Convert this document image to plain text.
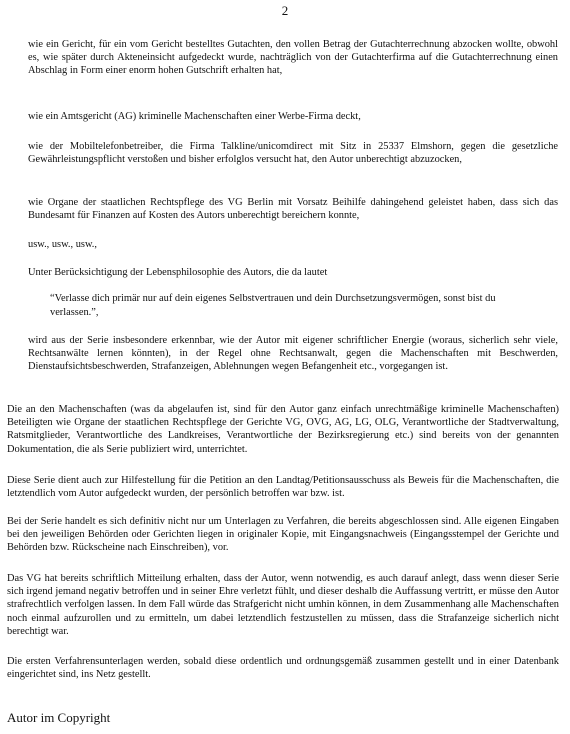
2

wie ein Gericht, für ein vom Gericht bestelltes Gutachten, den vollen Betrag der Gutachterrechnung abzocken wollte, obwohl es, wie später durch Akteneinsicht aufgedeckt wurde, nachträglich von der Gutachterfirma auf die Gutachterrechnung einen Abschlag in Form einer enorm hohen Gutschrift erhalten hat,

wie ein Amtsgericht (AG) kriminelle Machenschaften einer Werbe-Firma deckt,

wie der Mobiltelefonbetreiber, die Firma Talkline/unicomdirect mit Sitz in 25337 Elmshorn, gegen die gesetzliche Gewährleistungspflicht verstoßen und bisher erfolglos versucht hat, den Autor unberechtigt abzuzocken,

wie Organe der staatlichen Rechtspflege des VG Berlin mit Vorsatz Beihilfe dahingehend geleistet haben, dass sich das Bundesamt für Finanzen auf Kosten des Autors unberechtigt bereichern konnte,

usw., usw., usw.,

Unter Berücksichtigung der Lebensphilosophie des Autors, die da lautet

“Verlasse dich primär nur auf dein eigenes Selbstvertrauen und dein Durchsetzungsvermögen, sonst bist du verlassen.”,

wird aus der Serie insbesondere erkennbar, wie der Autor mit eigener schriftlicher Energie (woraus, sicherlich sehr viele, Rechtsanwälte lernen könnten), in der Regel ohne Rechtsanwalt, gegen die Machenschaften mit Beschwerden, Dienstaufsichtsbeschwerden, Strafanzeigen, Ablehnungen wegen Befangenheit etc., vorgegangen ist.

Die an den Machenschaften (was da abgelaufen ist, sind für den Autor ganz einfach unrechtmäßige kriminelle Machenschaften) Beteiligten wie Organe der staatlichen Rechtspflege der Gerichte VG, OVG, AG, LG, OLG, Verantwortliche der Stadtverwaltung, Ratsmitglieder, Verantwortliche des Landkreises, Verantwortliche der Bezirksregierung etc.) sind bereits von der genannten Dokumentation, die als Serie publiziert wird, unterrichtet.

Diese Serie dient auch zur Hilfestellung für die Petition an den Landtag/Petitionsausschuss als Beweis für die Machenschaften, die letztendlich vom Autor aufgedeckt wurden, der persönlich betroffen war bzw. ist.

Bei der Serie handelt es sich definitiv nicht nur um Unterlagen zu Verfahren, die bereits abgeschlossen sind. Alle eigenen Eingaben bei den jeweiligen Behörden oder Gerichten liegen in originaler Kopie, mit Eingangsnachweis (Eingangsstempel der Gerichte und Behörden bzw. Rückscheine nach Einschreiben), vor.

Das VG hat bereits schriftlich Mitteilung erhalten, dass der Autor, wenn notwendig, es auch darauf anlegt, dass wenn dieser Serie sich irgend jemand negativ betroffen und in seiner Ehre verletzt fühlt, und dieser deshalb die Auffassung vertritt, er müsse den Autor strafrechtlich verfolgen lassen. In dem Fall würde das Strafgericht nicht umhin können, in dem Zusammenhang alle Machenschaften noch einmal aufzurollen und zu ermitteln, um dabei letztendlich festzustellen zu müssen, dass die Strafanzeige sicherlich nicht berechtigt war.

Die ersten Verfahrensunterlagen werden, sobald diese ordentlich und ordnungsgemäß zusammen gestellt und in einer Datenbank eingerichtet sind, ins Netz gestellt.

Autor im Copyright
